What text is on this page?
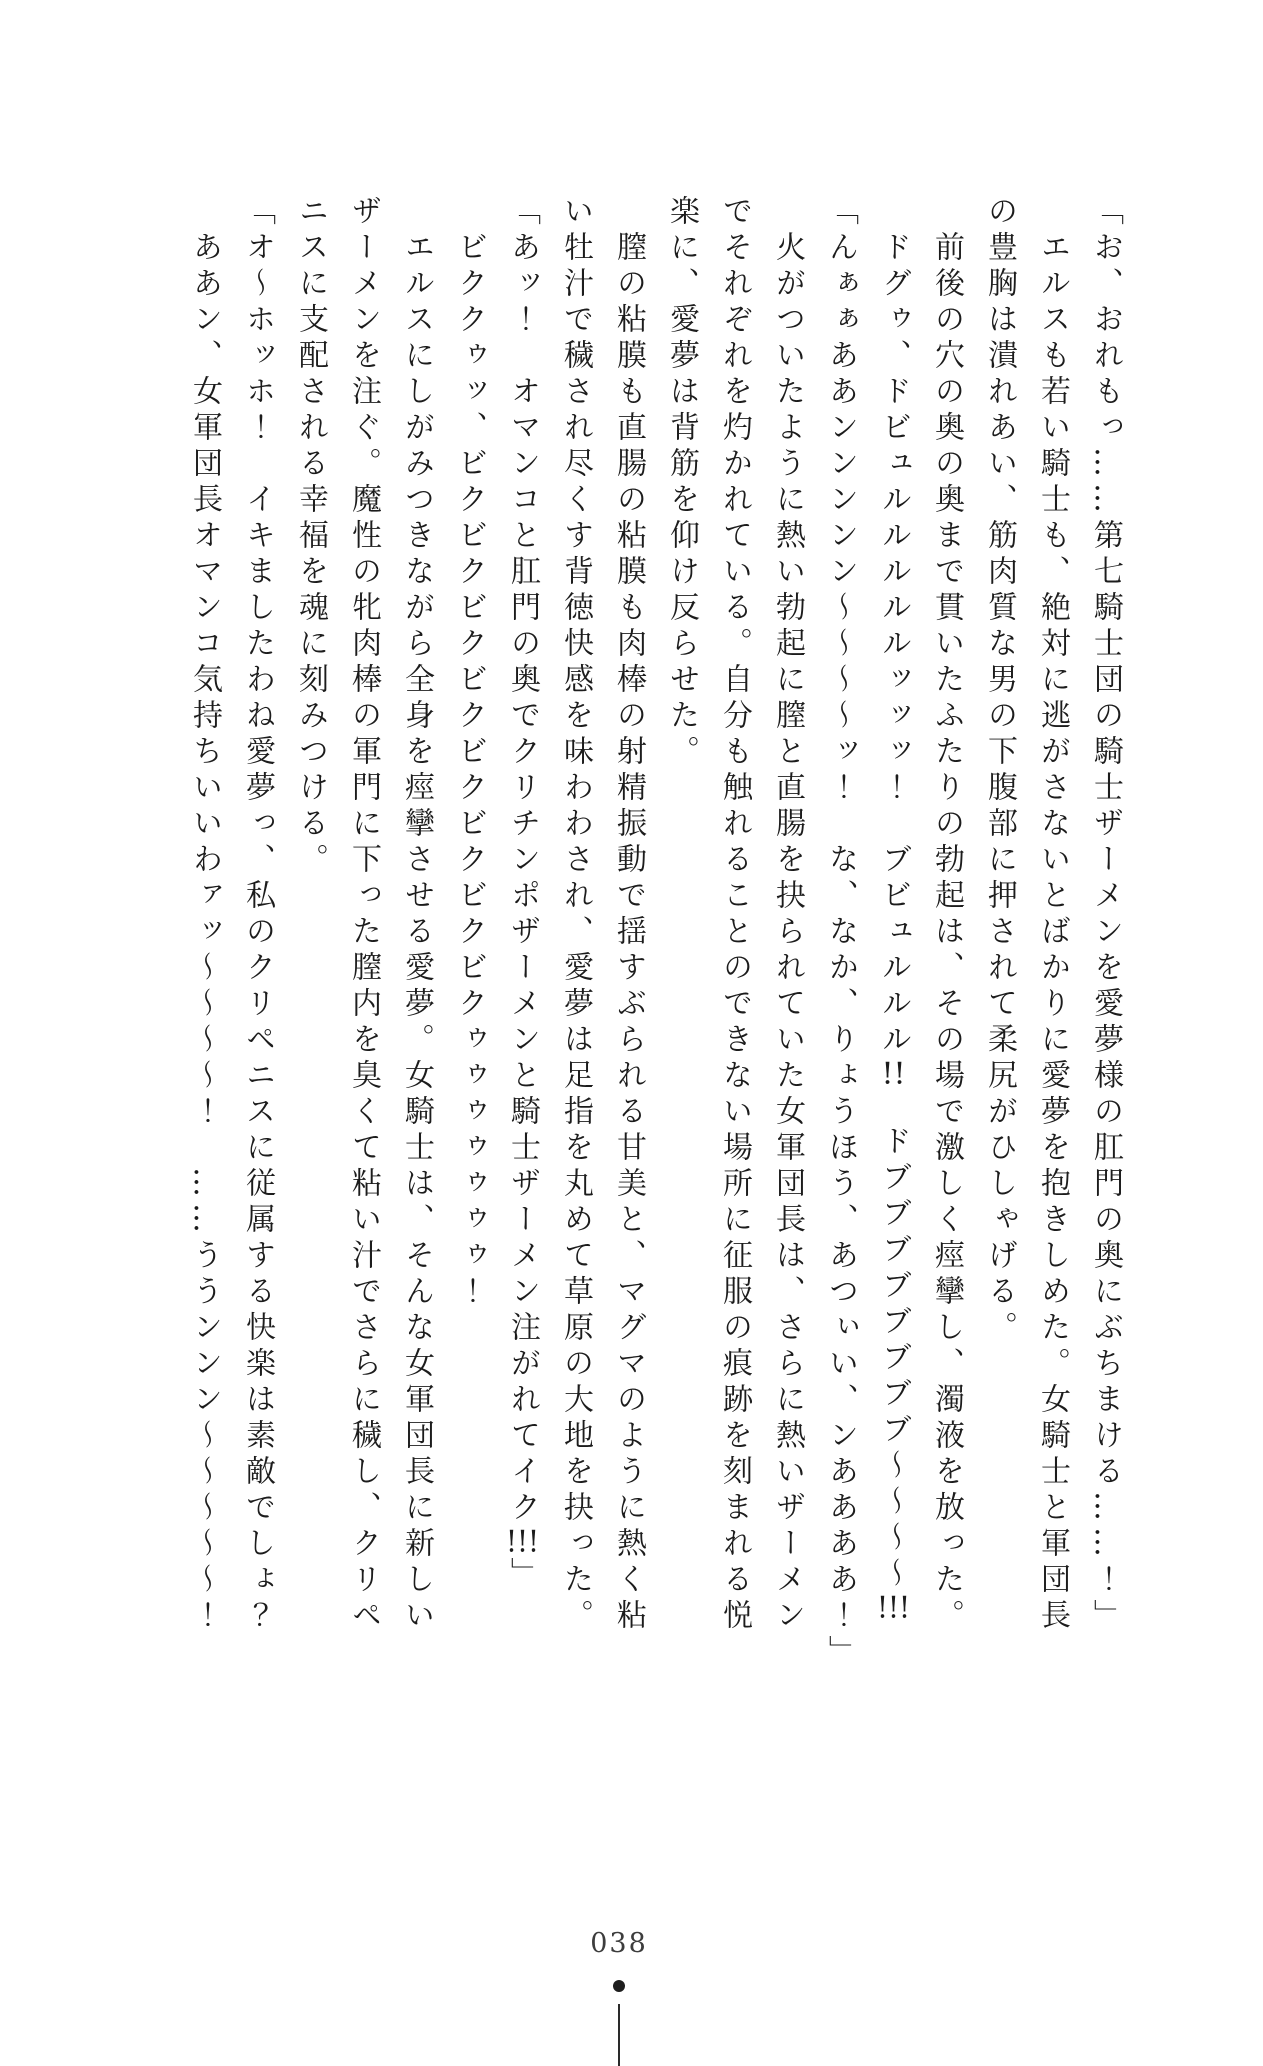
「お、おれもっ……第七騎士団の騎士ザーメンを愛夢様の肛門の奥にぶちまける……！」
エルスも若い騎士も、絶対に逃がさないとばかりに愛夢を抱きしめた。女騎士と軍団長
の豊胸は潰れあい、筋肉質な男の下腹部に押されて柔尻がひしゃげる。
前後の穴の奥の奥まで貫いたふたりの勃起は、その場で激しく痙攣し、濁液を放った。
ドグゥ、ドビュルルルルルッッッ！　ブビュルルル!!　ドブブブブブブブブ～～～～!!!
「んぁぁああンンンンン～～～～ッ！　な、なか、りょうほう、あつぃい、ンああああ！」
火がついたように熱い勃起に膣と直腸を抉られていた女軍団長は、さらに熱いザーメン
でそれぞれを灼かれている。自分も触れることのできない場所に征服の痕跡を刻まれる悦
楽に、愛夢は背筋を仰け反らせた。
膣の粘膜も直腸の粘膜も肉棒の射精振動で揺すぶられる甘美と、マグマのように熱く粘
い牡汁で穢され尽くす背徳快感を味わわされ、愛夢は足指を丸めて草原の大地を抉った。
「あッ！　オマンコと肛門の奥でクリチンポザーメンと騎士ザーメン注がれてイク!!!」
ビククゥッ、ビクビクビクビクビクビクビクビクゥゥゥゥゥゥゥ！
エルスにしがみつきながら全身を痙攣させる愛夢。女騎士は、そんな女軍団長に新しい
ザーメンを注ぐ。魔性の牝肉棒の軍門に下った膣内を臭くて粘い汁でさらに穢し、クリペ
ニスに支配される幸福を魂に刻みつける。
「オ～ホッホ！　イキましたわね愛夢っ、私のクリペニスに従属する快楽は素敵でしょ？
ああン、女軍団長オマンコ気持ちいいわァッ～～～～！　……ううンンン～～～～～！
038
